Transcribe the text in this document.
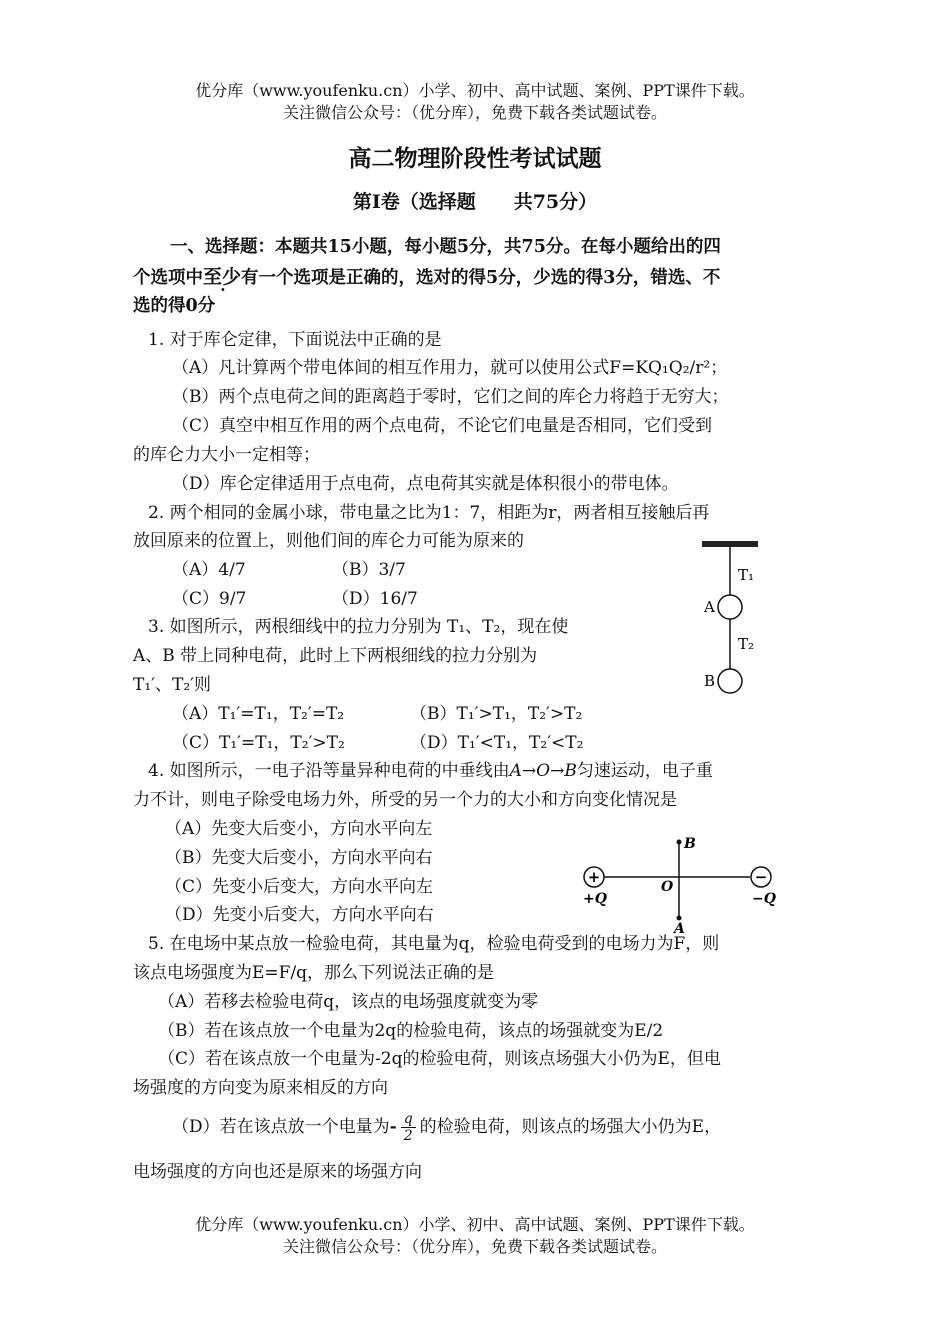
优分库（www.youfenku.cn）小学、初中、高中试题、案例、PPT课件下载。
关注微信公众号：（优分库），免费下载各类试题试卷。
高二物理阶段性考试试题
第Ⅰ卷（选择题　　共75分）
一、选择题：本题共15小题，每小题5分，共75分。在每小题给出的四
个选项中至少有一个选项是正确的，选对的得5分，少选的得3分，错选、不
选的得0分
1. 对于库仑定律，下面说法中正确的是
（A）凡计算两个带电体间的相互作用力，就可以使用公式F=KQ₁Q₂/r²；
（B）两个点电荷之间的距离趋于零时，它们之间的库仑力将趋于无穷大；
（C）真空中相互作用的两个点电荷，不论它们电量是否相同，它们受到
的库仑力大小一定相等；
（D）库仑定律适用于点电荷，点电荷其实就是体积很小的带电体。
2. 两个相同的金属小球，带电量之比为1：7，相距为r，两者相互接触后再
放回原来的位置上，则他们间的库仑力可能为原来的
（A）4/7	（B）3/7
（C）9/7	（D）16/7
T₁
T₂
A
B
3. 如图所示，两根细线中的拉力分别为 T₁、T₂，现在使
A、B 带上同种电荷，此时上下两根细线的拉力分别为
T₁′、T₂′则
（A）T₁′=T₁，T₂′=T₂	（B）T₁′>T₁，T₂′>T₂
（C）T₁′=T₁，T₂′>T₂	（D）T₁′<T₁，T₂′<T₂
4. 如图所示，一电子沿等量异种电荷的中垂线由A→O→B匀速运动，电子重
力不计，则电子除受电场力外，所受的另一个力的大小和方向变化情况是
（A）先变大后变小，方向水平向左
（B）先变大后变小，方向水平向右
（C）先变小后变大，方向水平向左
（D）先变小后变大，方向水平向右
+	−
+Q	−Q
O
B
A
5. 在电场中某点放一检验电荷，其电量为q，检验电荷受到的电场力为F，则
该点电场强度为E=F/q，那么下列说法正确的是
（A）若移去检验电荷q，该点的电场强度就变为零
（B）若在该点放一个电量为2q的检验电荷，该点的场强就变为E/2
（C）若在该点放一个电量为-2q的检验电荷，则该点场强大小仍为E，但电
场强度的方向变为原来相反的方向
（D）若在该点放一个电量为- $\frac{q}{2}$ 的检验电荷，则该点的场强大小仍为E，
电场强度的方向也还是原来的场强方向
优分库（www.youfenku.cn）小学、初中、高中试题、案例、PPT课件下载。
关注微信公众号：（优分库），免费下载各类试题试卷。
